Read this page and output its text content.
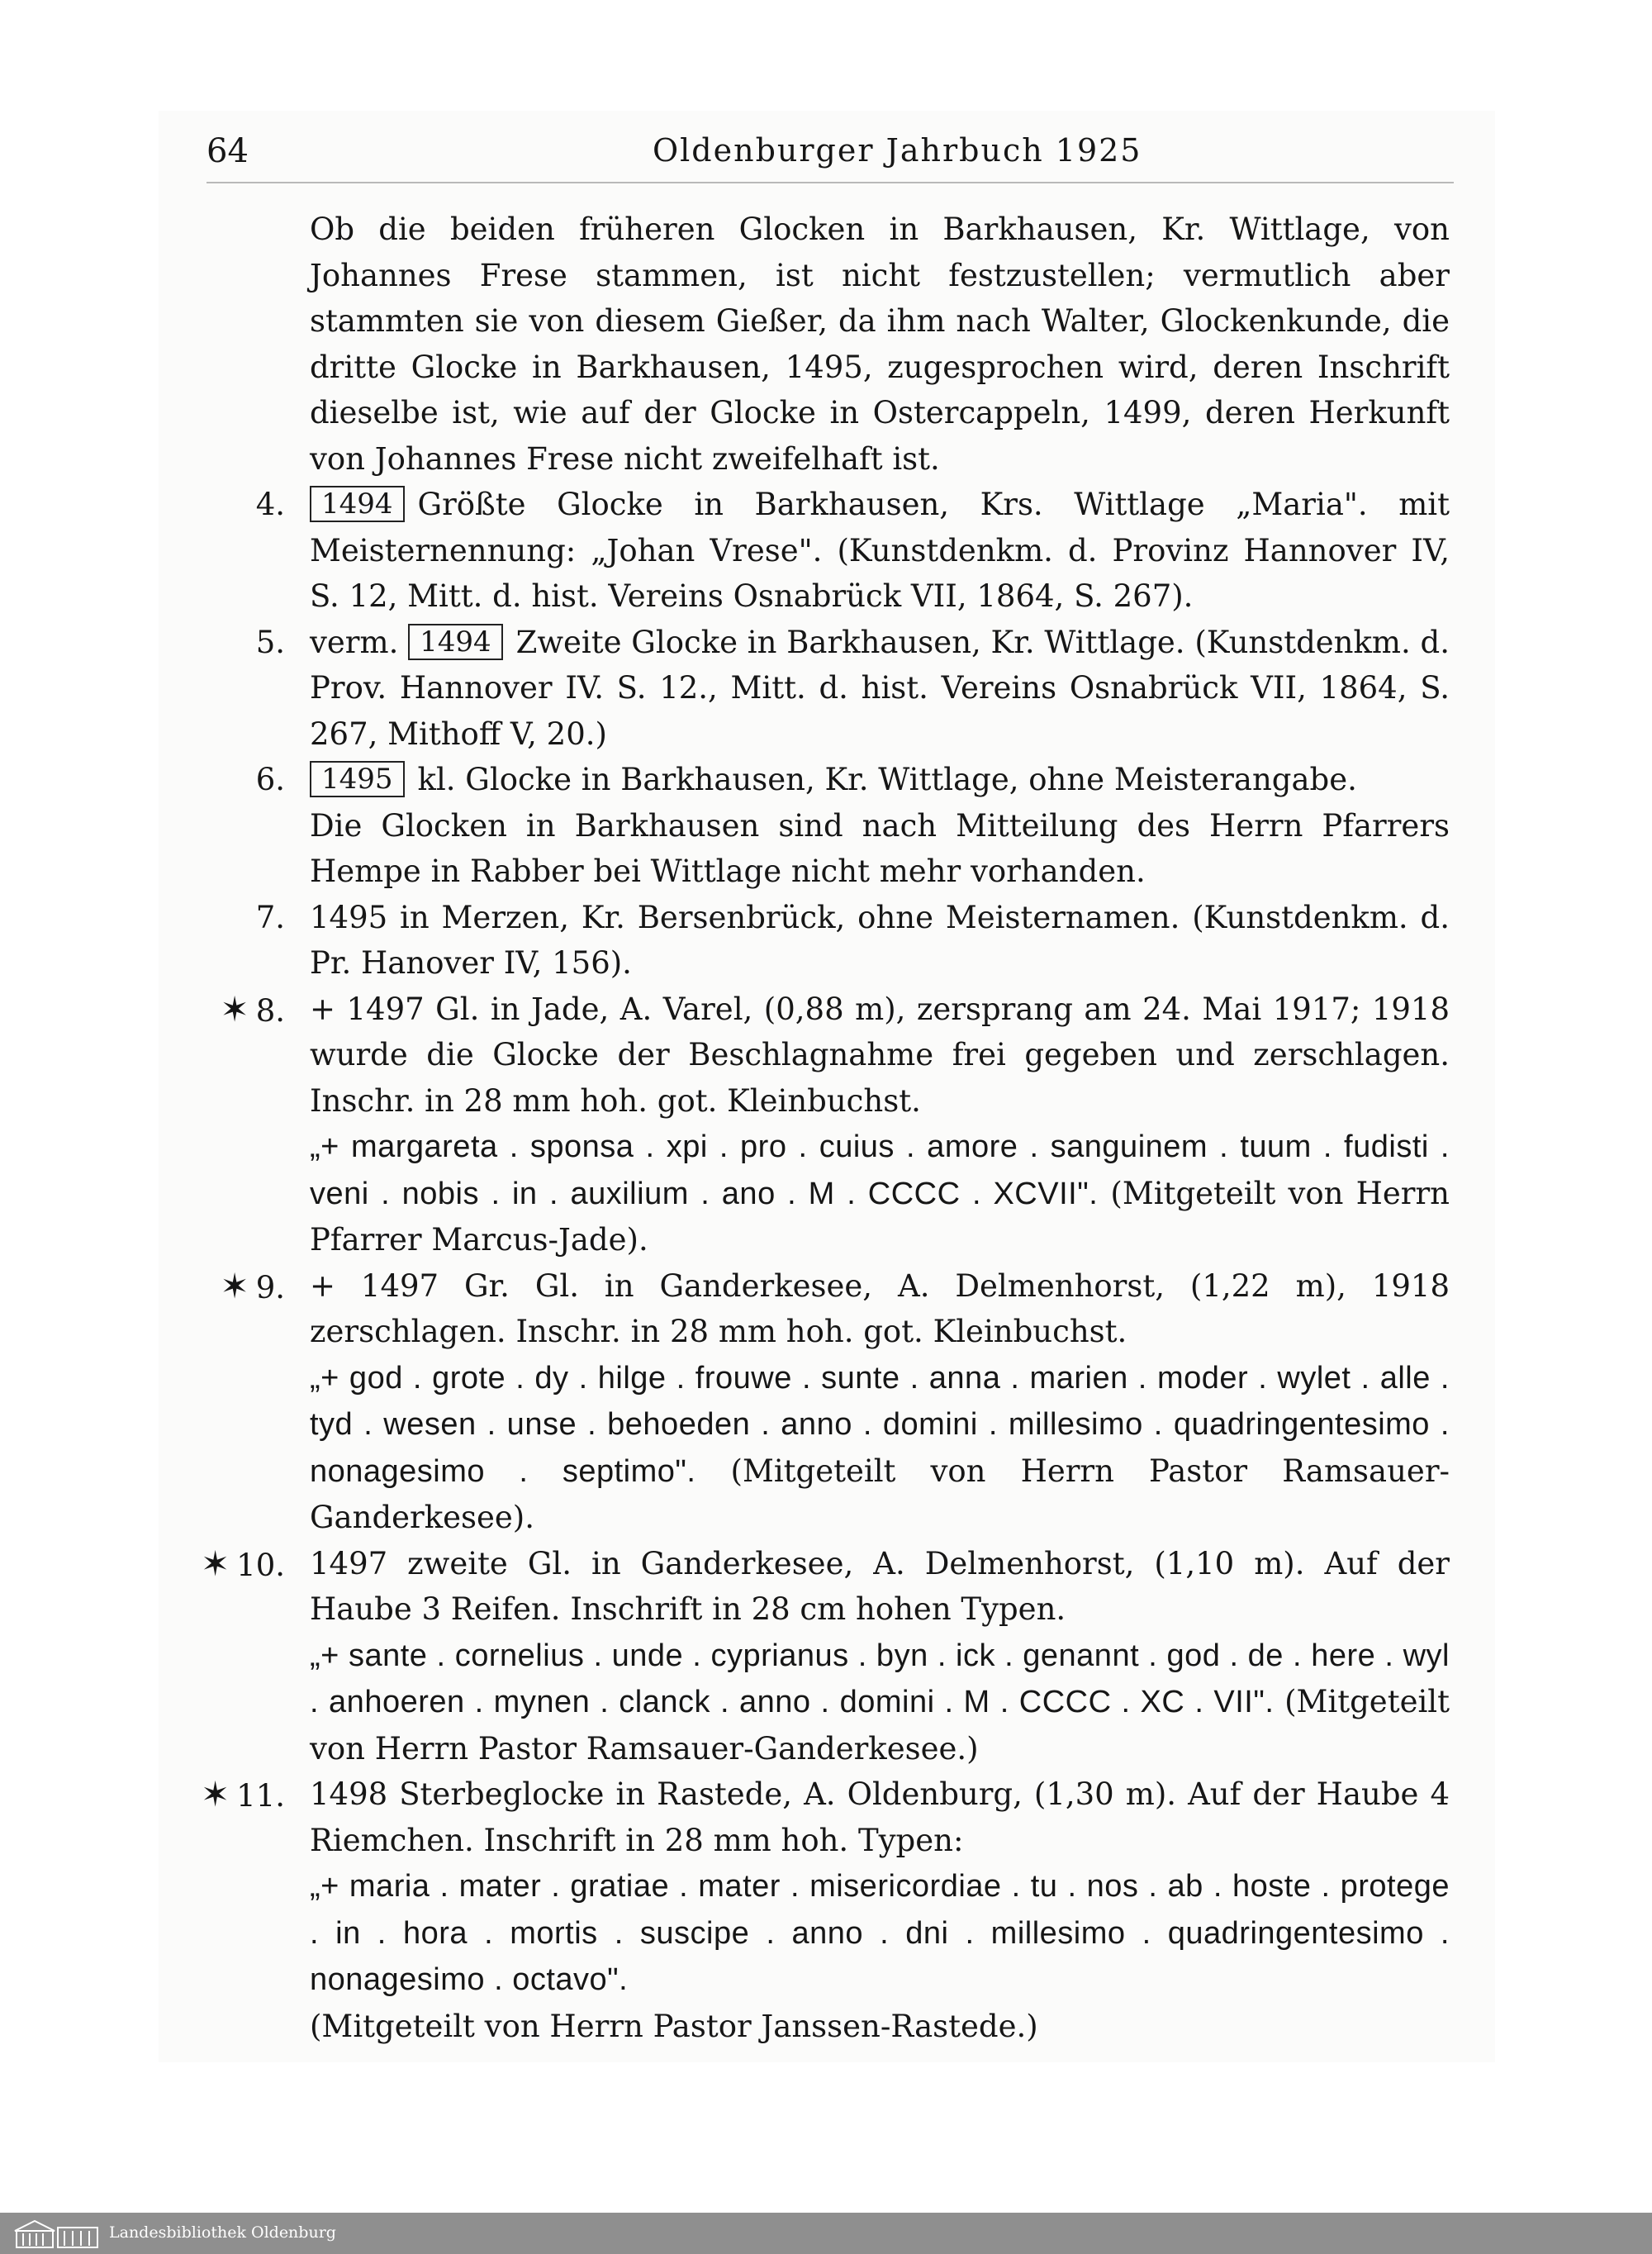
64	Oldenburger Jahrbuch 1925

Ob die beiden früheren Glocken in Barkhausen, Kr. Wittlage, von Johannes Frese stammen, ist nicht festzustellen; vermutlich aber stammten sie von diesem Gießer, da ihm nach Walter, Glockenkunde, die dritte Glocke in Barkhausen, 1495, zugesprochen wird, deren Inschrift dieselbe ist, wie auf der Glocke in Ostercappeln, 1499, deren Herkunft von Johannes Frese nicht zweifelhaft ist.

4.	1494 Größte Glocke in Barkhausen, Krs. Wittlage „Maria". mit Meisternennung: „Johan Vrese". (Kunstdenkm. d. Provinz Hannover IV, S. 12, Mitt. d. hist. Vereins Osnabrück VII, 1864, S. 267).
5. verm. 1494 Zweite Glocke in Barkhausen, Kr. Wittlage. (Kunstdenkm. d. Prov. Hannover IV. S. 12., Mitt. d. hist. Vereins Osnabrück VII, 1864, S. 267, Mithoff V, 20.)
6.	1495 kl. Glocke in Barkhausen, Kr. Wittlage, ohne Meisterangabe.
Die Glocken in Barkhausen sind nach Mitteilung des Herrn Pfarrers Hempe in Rabber bei Wittlage nicht mehr vorhanden.
7. 1495 in Merzen, Kr. Bersenbrück, ohne Meisternamen. (Kunstdenkm. d. Pr. Hanover IV, 156).
✶ 8. + 1497 Gl. in Jade, A. Varel, (0,88 m), zersprang am 24. Mai 1917; 1918 wurde die Glocke der Beschlagnahme frei gegeben und zerschlagen. Inschr. in 28 mm hoh. got. Kleinbuchst.
„+ margareta . sponsa . xpi . pro . cuius . amore . sanguinem . tuum . fudisti . veni . nobis . in . auxilium . ano . M . CCCC . XCVII". (Mitgeteilt von Herrn Pfarrer Marcus-Jade).
✶ 9. + 1497 Gr. Gl. in Ganderkesee, A. Delmenhorst, (1,22 m), 1918 zerschlagen. Inschr. in 28 mm hoh. got. Kleinbuchst.
„+ god . grote . dy . hilge . frouwe . sunte . anna . marien . moder . wylet . alle . tyd . wesen . unse . behoeden . anno . domini . millesimo . quadringentesimo . nonagesimo . septimo". (Mitgeteilt von Herrn Pastor Ramsauer-Ganderkesee).
✶ 10. 1497 zweite Gl. in Ganderkesee, A. Delmenhorst, (1,10 m). Auf der Haube 3 Reifen. Inschrift in 28 cm hohen Typen.
„+ sante . cornelius . unde . cyprianus . byn . ick . genannt . god . de . here . wyl . anhoeren . mynen . clanck . anno . domini . M . CCCC . XC . VII". (Mitgeteilt von Herrn Pastor Ramsauer-Ganderkesee.)
✶ 11. 1498 Sterbeglocke in Rastede, A. Oldenburg, (1,30 m). Auf der Haube 4 Riemchen. Inschrift in 28 mm hoh. Typen:
„+ maria . mater . gratiae . mater . misericordiae . tu . nos . ab . hoste . protege . in . hora . mortis . suscipe . anno . dni . millesimo . quadringentesimo . nonagesimo . octavo".
(Mitgeteilt von Herrn Pastor Janssen-Rastede.)
Landesbibliothek Oldenburg
